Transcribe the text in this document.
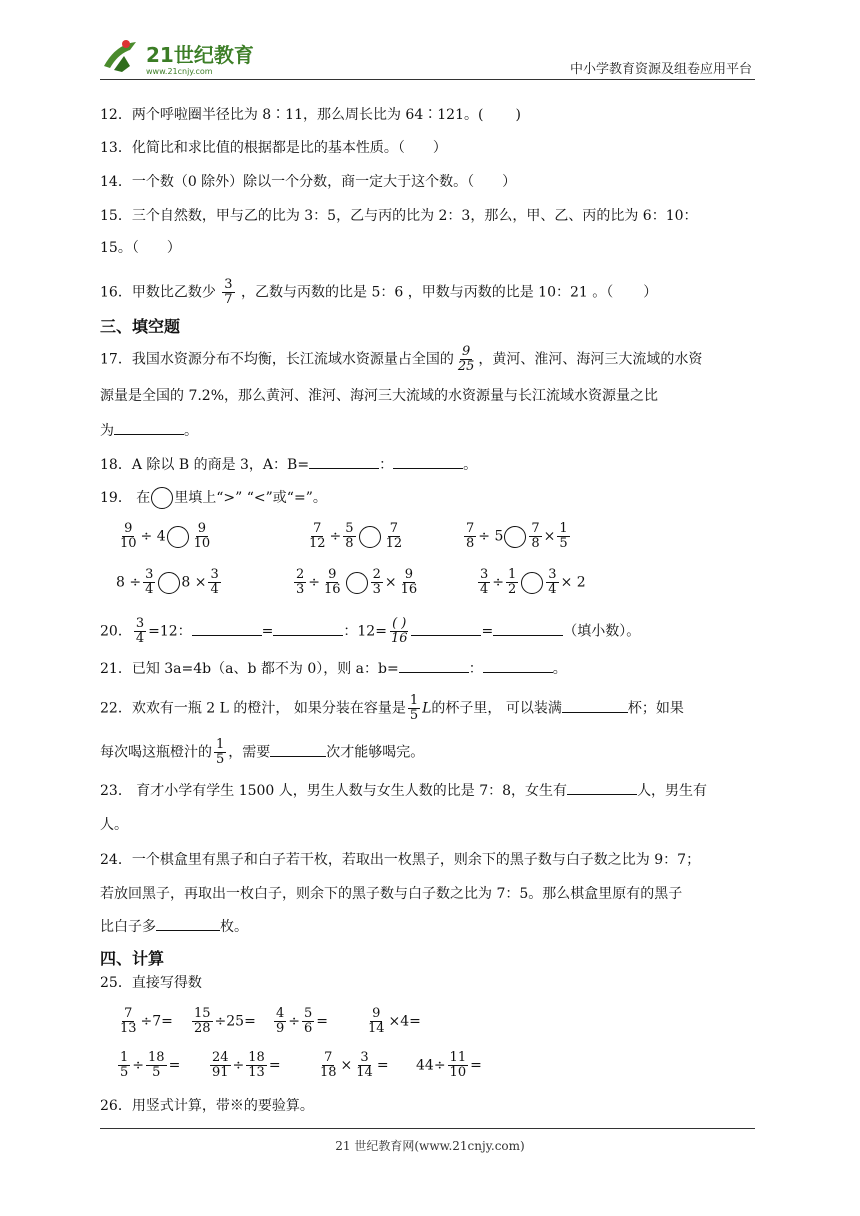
21世纪教育
www.21cnjy.com	中小学教育资源及组卷应用平台
12．两个呼啦圈半径比为 8∶11，那么周长比为 64∶121。( )
13．化简比和求比值的根据都是比的基本性质。（ ）
14．一个数（0 除外）除以一个分数，商一定大于这个数。（ ）
15．三个自然数，甲与乙的比为 3：5，乙与丙的比为 2：3，那么，甲、乙、丙的比为 6：10：
15。（ ）
16．甲数比乙数少 $\frac{3}{7}$ ，乙数与丙数的比是 5：6 ，甲数与丙数的比是 10：21 。（ ）
三、填空题
17．我国水资源分布不均衡，长江流域水资源量占全国的 $\frac{9}{25}$ ，黄河、淮河、海河三大流域的水资
源量是全国的 7.2%，那么黄河、淮河、海河三大流域的水资源量与长江流域水资源量之比
为	。
18．A 除以 B 的商是 3，A：B=	：	。
19． 在 里填上“>” “<”或“=”。
$\frac{9}{10} \div 4 \frac{9}{10}$	$\frac{7}{12} \div \frac{5}{8} \frac{7}{12}$	$\frac{7}{8} \div 5 \frac{7}{8} \times \frac{1}{5}$
$8 \div \frac{3}{4} 8 \times \frac{3}{4}$	$\frac{2}{3} \div \frac{9}{16} \frac{2}{3} \times \frac{9}{16}$	$\frac{3}{4} \div \frac{1}{2} \frac{3}{4} \times 2$
20． $\frac{3}{4} =12$：	=	：$12= \frac{( )}{16}$	=	（填小数）。
21．已知 3a=4b（a、b 都不为 0），则 a：b=	：	。
22．欢欢有一瓶 2 L 的橙汁， 如果分装在容量是 $\frac{1}{5}$ L的杯子里， 可以装满	杯；如果
每次喝这瓶橙汁的 $\frac{1}{5}$ ，需要	次才能够喝完。
23． 育才小学有学生 1500 人，男生人数与女生人数的比是 7：8，女生有	人，男生有
人。
24．一个棋盒里有黑子和白子若干枚，若取出一枚黑子，则余下的黑子数与白子数之比为 9：7；
若放回黑子，再取出一枚白子，则余下的黑子数与白子数之比为 7：5。那么棋盒里原有的黑子
比白子多	枚。
四、计算
25．直接写得数
$\frac{7}{13} \div 7= \frac{15}{28} \div 25= \frac{4}{9} \div \frac{5}{6}$ =	$\frac{9}{14} \times 4=$
$\frac{1}{5} \div \frac{18}{5} = \frac{24}{91} \div \frac{18}{13}$ =	$\frac{7}{18} \times \frac{3}{14} = 44\div \frac{11}{10}$ =
26．用竖式计算，带※的要验算。
21 世纪教育网(www.21cnjy.com)
